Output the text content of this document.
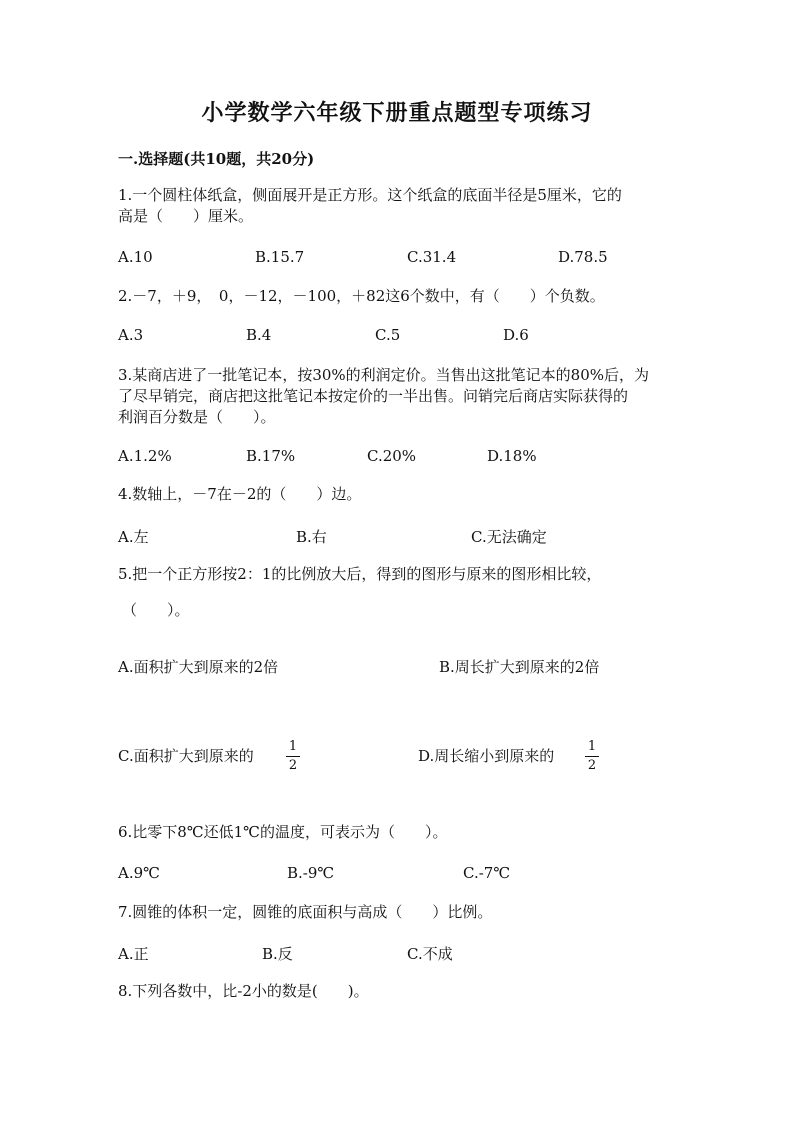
小学数学六年级下册重点题型专项练习
一.选择题(共10题，共20分)
1.一个圆柱体纸盒，侧面展开是正方形。这个纸盒的底面半径是5厘米，它的
高是（　　）厘米。
A.10	B.15.7	C.31.4	D.78.5
2.－7，＋9，　0，－12，－100，＋82这6个数中，有（　　）个负数。
A.3	B.4	C.5	D.6
3.某商店进了一批笔记本，按30%的利润定价。当售出这批笔记本的80%后，为
了尽早销完，商店把这批笔记本按定价的一半出售。问销完后商店实际获得的
利润百分数是（　　）。
A.1.2%	B.17%	C.20%	D.18%
4.数轴上，－7在－2的（　　）边。
A.左	B.右	C.无法确定
5.把一个正方形按2：1的比例放大后，得到的图形与原来的图形相比较，
（　　）。
A.面积扩大到原来的2倍	B.周长扩大到原来的2倍
C.面积扩大到原来的
1
2
D.周长缩小到原来的
1
2
6.比零下8℃还低1℃的温度，可表示为（　　）。
A.9℃	B.-9℃	C.-7℃
7.圆锥的体积一定，圆锥的底面积与高成（　　）比例。
A.正	B.反	C.不成
8.下列各数中，比-2小的数是(　　)。
